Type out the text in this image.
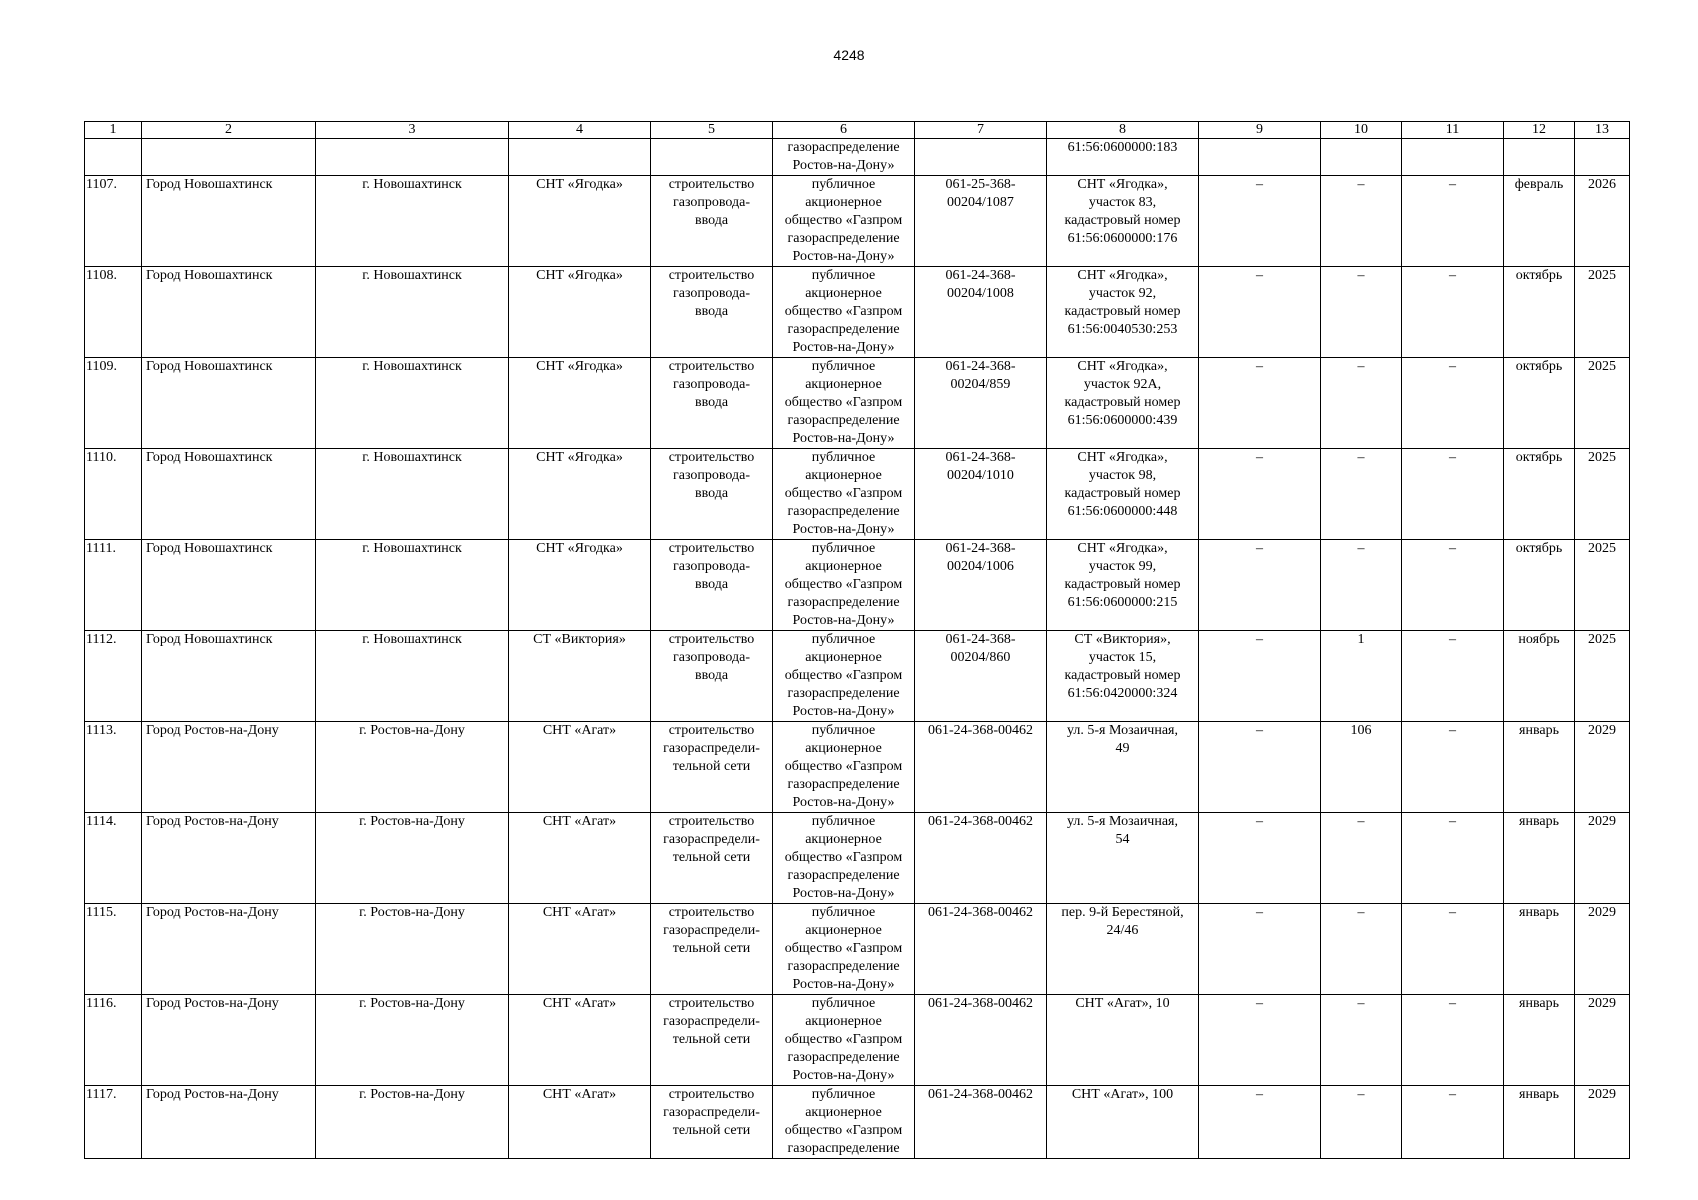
4248
1	2	3	4	5	6	7	8	9	10	11	12	13
					газораспределение
Ростов-на-Дону»		61:56:0600000:183					
1107.	Город Новошахтинск	г. Новошахтинск	СНТ «Ягодка»	строительство
газопровода-
ввода	публичное
акционерное
общество «Газпром
газораспределение
Ростов-на-Дону»	061-25-368-
00204/1087	СНТ «Ягодка»,
участок 83,
кадастровый номер
61:56:0600000:176	–	–	–	февраль	2026
1108.	Город Новошахтинск	г. Новошахтинск	СНТ «Ягодка»	строительство
газопровода-
ввода	публичное
акционерное
общество «Газпром
газораспределение
Ростов-на-Дону»	061-24-368-
00204/1008	СНТ «Ягодка»,
участок 92,
кадастровый номер
61:56:0040530:253	–	–	–	октябрь	2025
1109.	Город Новошахтинск	г. Новошахтинск	СНТ «Ягодка»	строительство
газопровода-
ввода	публичное
акционерное
общество «Газпром
газораспределение
Ростов-на-Дону»	061-24-368-
00204/859	СНТ «Ягодка»,
участок 92А,
кадастровый номер
61:56:0600000:439	–	–	–	октябрь	2025
1110.	Город Новошахтинск	г. Новошахтинск	СНТ «Ягодка»	строительство
газопровода-
ввода	публичное
акционерное
общество «Газпром
газораспределение
Ростов-на-Дону»	061-24-368-
00204/1010	СНТ «Ягодка»,
участок 98,
кадастровый номер
61:56:0600000:448	–	–	–	октябрь	2025
1111.	Город Новошахтинск	г. Новошахтинск	СНТ «Ягодка»	строительство
газопровода-
ввода	публичное
акционерное
общество «Газпром
газораспределение
Ростов-на-Дону»	061-24-368-
00204/1006	СНТ «Ягодка»,
участок 99,
кадастровый номер
61:56:0600000:215	–	–	–	октябрь	2025
1112.	Город Новошахтинск	г. Новошахтинск	СТ «Виктория»	строительство
газопровода-
ввода	публичное
акционерное
общество «Газпром
газораспределение
Ростов-на-Дону»	061-24-368-
00204/860	СТ «Виктория»,
участок 15,
кадастровый номер
61:56:0420000:324	–	1	–	ноябрь	2025
1113.	Город Ростов-на-Дону	г. Ростов-на-Дону	СНТ «Агат»	строительство
газораспредели-
тельной сети	публичное
акционерное
общество «Газпром
газораспределение
Ростов-на-Дону»	061-24-368-00462	ул. 5-я Мозаичная,
49	–	106	–	январь	2029
1114.	Город Ростов-на-Дону	г. Ростов-на-Дону	СНТ «Агат»	строительство
газораспредели-
тельной сети	публичное
акционерное
общество «Газпром
газораспределение
Ростов-на-Дону»	061-24-368-00462	ул. 5-я Мозаичная,
54	–	–	–	январь	2029
1115.	Город Ростов-на-Дону	г. Ростов-на-Дону	СНТ «Агат»	строительство
газораспредели-
тельной сети	публичное
акционерное
общество «Газпром
газораспределение
Ростов-на-Дону»	061-24-368-00462	пер. 9-й Берестяной,
24/46	–	–	–	январь	2029
1116.	Город Ростов-на-Дону	г. Ростов-на-Дону	СНТ «Агат»	строительство
газораспредели-
тельной сети	публичное
акционерное
общество «Газпром
газораспределение
Ростов-на-Дону»	061-24-368-00462	СНТ «Агат», 10	–	–	–	январь	2029
1117.	Город Ростов-на-Дону	г. Ростов-на-Дону	СНТ «Агат»	строительство
газораспредели-
тельной сети	публичное
акционерное
общество «Газпром
газораспределение	061-24-368-00462	СНТ «Агат», 100	–	–	–	январь	2029
